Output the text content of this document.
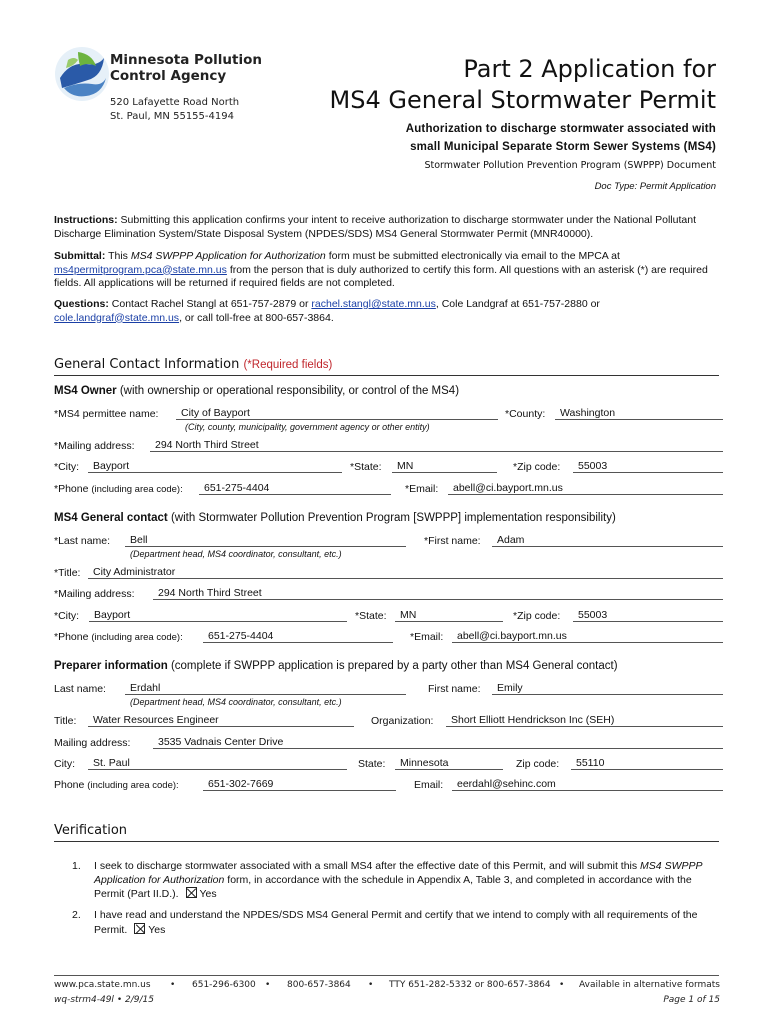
Minnesota Pollution
Control Agency
520 Lafayette Road North
St. Paul, MN 55155-4194
Part 2 Application for
MS4 General Stormwater Permit
Authorization to discharge stormwater associated with
small Municipal Separate Storm Sewer Systems (MS4)
Stormwater Pollution Prevention Program (SWPPP) Document
Doc Type: Permit Application
Instructions: Submitting this application confirms your intent to receive authorization to discharge stormwater under the National Pollutant Discharge Elimination System/State Disposal System (NPDES/SDS) MS4 General Stormwater Permit (MNR40000).
Submittal: This MS4 SWPPP Application for Authorization form must be submitted electronically via email to the MPCA at ms4permitprogram.pca@state.mn.us from the person that is duly authorized to certify this form. All questions with an asterisk (*) are required fields. All applications will be returned if required fields are not completed.
Questions: Contact Rachel Stangl at 651-757-2879 or rachel.stangl@state.mn.us, Cole Landgraf at 651-757-2880 or cole.landgraf@state.mn.us, or call toll-free at 800-657-3864.
General Contact Information (*Required fields)
MS4 Owner (with ownership or operational responsibility, or control of the MS4)
*MS4 permittee name:	City of Bayport
(City, county, municipality, government agency or other entity)
*County:	Washington
*Mailing address:	294 North Third Street
*City:	Bayport	*State:	MN	*Zip code:	55003
*Phone (including area code):	651-275-4404	*Email:	abell@ci.bayport.mn.us
MS4 General contact (with Stormwater Pollution Prevention Program [SWPPP] implementation responsibility)
*Last name:	Bell
(Department head, MS4 coordinator, consultant, etc.)
*First name:	Adam
*Title:	City Administrator
*Mailing address:	294 North Third Street
*City:	Bayport	*State:	MN	*Zip code:	55003
*Phone (including area code):	651-275-4404	*Email:	abell@ci.bayport.mn.us
Preparer information (complete if SWPPP application is prepared by a party other than MS4 General contact)
Last name:	Erdahl
(Department head, MS4 coordinator, consultant, etc.)
First name:	Emily
Title:	Water Resources Engineer	Organization:	Short Elliott Hendrickson Inc (SEH)
Mailing address:	3535 Vadnais Center Drive
City:	St. Paul	State:	Minnesota	Zip code:	55110
Phone (including area code):	651-302-7669	Email:	eerdahl@sehinc.com
Verification
1. I seek to discharge stormwater associated with a small MS4 after the effective date of this Permit, and will submit this MS4 SWPPP Application for Authorization form, in accordance with the schedule in Appendix A, Table 3, and completed in accordance with the Permit (Part II.D.). Yes
2. I have read and understand the NPDES/SDS MS4 General Permit and certify that we intend to comply with all requirements of the Permit. Yes
www.pca.state.mn.us • 651-296-6300 • 800-657-3864 • TTY 651-282-5332 or 800-657-3864 • Available in alternative formats
wq-strm4-49l • 2/9/15	Page 1 of 15
